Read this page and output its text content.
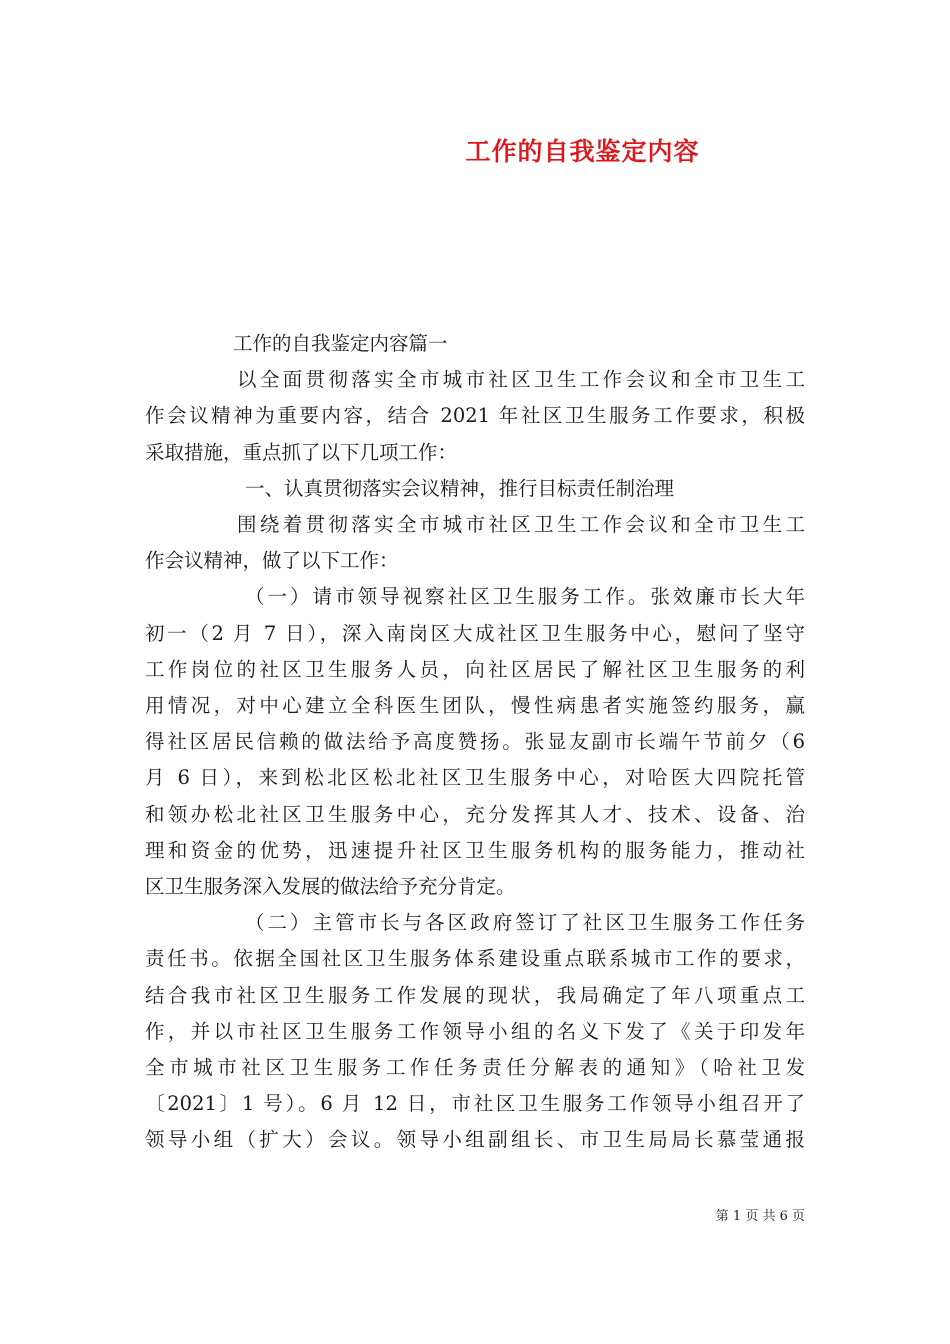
工作的自我鉴定内容
工作的自我鉴定内容篇一
以全面贯彻落实全市城市社区卫生工作会议和全市卫生工
作会议精神为重要内容，结合 2021 年社区卫生服务工作要求，积极
采取措施，重点抓了以下几项工作：
一、认真贯彻落实会议精神，推行目标责任制治理
围绕着贯彻落实全市城市社区卫生工作会议和全市卫生工
作会议精神，做了以下工作：
（一）请市领导视察社区卫生服务工作。张效廉市长大年
初一（2 月 7 日），深入南岗区大成社区卫生服务中心，慰问了坚守
工作岗位的社区卫生服务人员，向社区居民了解社区卫生服务的利
用情况，对中心建立全科医生团队，慢性病患者实施签约服务，赢
得社区居民信赖的做法给予高度赞扬。张显友副市长端午节前夕（6
月 6 日），来到松北区松北社区卫生服务中心，对哈医大四院托管
和领办松北社区卫生服务中心，充分发挥其人才、技术、设备、治
理和资金的优势，迅速提升社区卫生服务机构的服务能力，推动社
区卫生服务深入发展的做法给予充分肯定。
（二）主管市长与各区政府签订了社区卫生服务工作任务
责任书。依据全国社区卫生服务体系建设重点联系城市工作的要求，
结合我市社区卫生服务工作发展的现状，我局确定了年八项重点工
作，并以市社区卫生服务工作领导小组的名义下发了《关于印发年
全市城市社区卫生服务工作任务责任分解表的通知》（哈社卫发
〔2021〕1 号）。6 月 12 日，市社区卫生服务工作领导小组召开了
领导小组（扩大）会议。领导小组副组长、市卫生局局长慕莹通报
第 1 页 共 6 页
